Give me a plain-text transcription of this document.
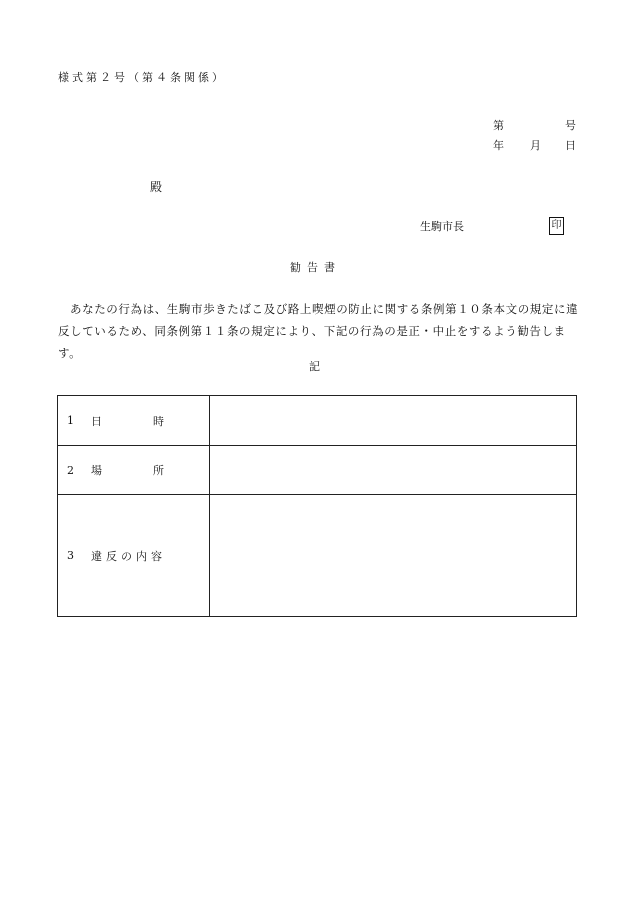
様式第２号（第４条関係）
第	号
年 月 日
殿
生駒市長	印
勧告書
あなたの行為は、生駒市歩きたばこ及び路上喫煙の防止に関する条例第１０条本文の規定に違反しているため、同条例第１１条の規定により、下記の行為の是正・中止をするよう勧告します。
記
1 日 時	

2 場 所	

3 違反の内容	
